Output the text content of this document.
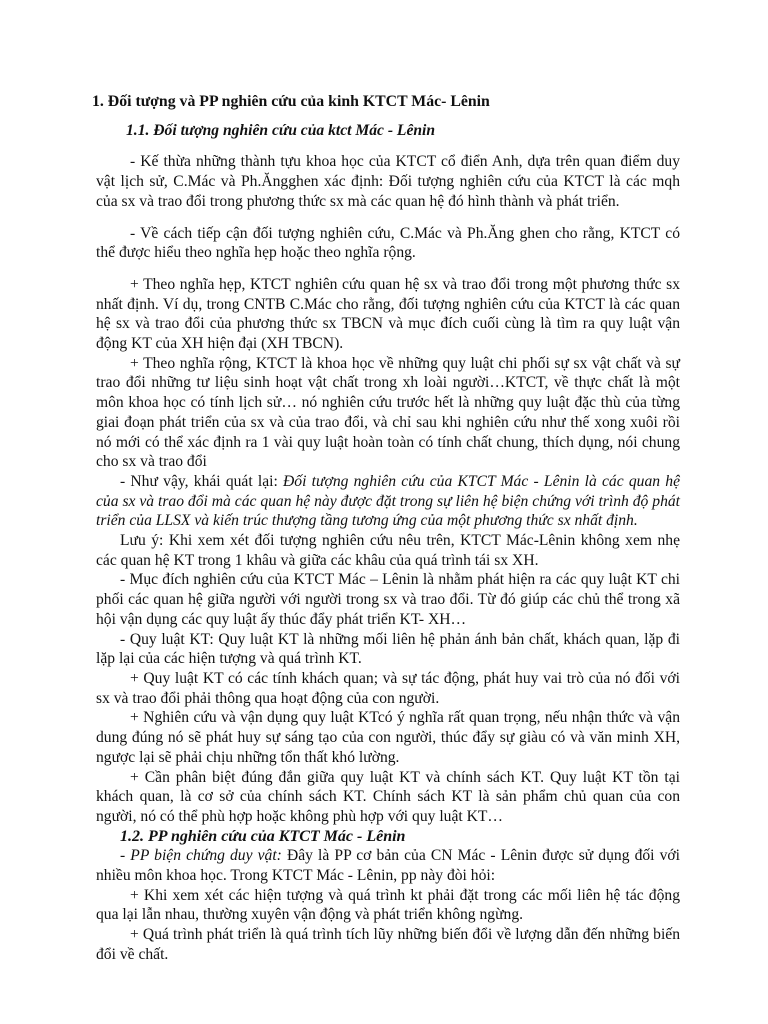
1. Đối tượng và PP nghiên cứu của kinh KTCT Mác- Lênin
1.1. Đối tượng nghiên cứu của ktct Mác - Lênin

- Kế thừa những thành tựu khoa học của KTCT cổ điển Anh, dựa trên quan điểm duy vật lịch sử, C.Mác và Ph.Ăngghen xác định: Đối tượng nghiên cứu của KTCT là các mqh của sx và trao đổi trong phương thức sx mà các quan hệ đó hình thành và phát triển.

- Về cách tiếp cận đối tượng nghiên cứu, C.Mác và Ph.Ăng ghen cho rằng, KTCT có thể được hiểu theo nghĩa hẹp hoặc theo nghĩa rộng.

+ Theo nghĩa hẹp, KTCT nghiên cứu quan hệ sx và trao đổi trong một phương thức sx nhất định. Ví dụ, trong CNTB C.Mác cho rằng, đối tượng nghiên cứu của KTCT là các quan hệ sx và trao đổi của phương thức sx TBCN và mục đích cuối cùng là tìm ra quy luật vận động KT của XH hiện đại (XH TBCN).

+ Theo nghĩa rộng, KTCT là khoa học về những quy luật chi phối sự sx vật chất và sự trao đổi những tư liệu sinh hoạt vật chất trong xh loài người…KTCT, về thực chất là một môn khoa học có tính lịch sử… nó nghiên cứu trước hết là những quy luật đặc thù của từng giai đoạn phát triển của sx và của trao đổi, và chỉ sau khi nghiên cứu như thế xong xuôi rồi nó mới có thể xác định ra 1 vài quy luật hoàn toàn có tính chất chung, thích dụng, nói chung cho sx và trao đổi

- Như vậy, khái quát lại: Đối tượng nghiên cứu của KTCT Mác - Lênin là các quan hệ của sx và trao đổi mà các quan hệ này được đặt trong sự liên hệ biện chứng với trình độ phát triển của LLSX và kiến trúc thượng tầng tương ứng của một phương thức sx nhất định.

Lưu ý: Khi xem xét đối tượng nghiên cứu nêu trên, KTCT Mác-Lênin không xem nhẹ các quan hệ KT trong 1 khâu và giữa các khâu của quá trình tái sx XH.

- Mục đích nghiên cứu của KTCT Mác – Lênin là nhằm phát hiện ra các quy luật KT chi phối các quan hệ giữa người với người trong sx và trao đổi. Từ đó giúp các chủ thể trong xã hội vận dụng các quy luật ấy thúc đẩy phát triển KT- XH…

- Quy luật KT: Quy luật KT là những mối liên hệ phản ánh bản chất, khách quan, lặp đi lặp lại của các hiện tượng và quá trình KT.

+ Quy luật KT có các tính khách quan; và sự tác động, phát huy vai trò của nó đối với sx và trao đổi phải thông qua hoạt động của con người.

+ Nghiên cứu và vận dụng quy luật KTcó ý nghĩa rất quan trọng, nếu nhận thức và vận dung đúng nó sẽ phát huy sự sáng tạo của con người, thúc đẩy sự giàu có và văn minh XH, ngược lại sẽ phải chịu những tổn thất khó lường.

+ Cần phân biệt đúng đắn giữa quy luật KT và chính sách KT. Quy luật KT tồn tại khách quan, là cơ sở của chính sách KT. Chính sách KT là sản phẩm chủ quan của con người, nó có thể phù hợp hoặc không phù hợp với quy luật KT…

1.2. PP nghiên cứu của KTCT Mác - Lênin

- PP biện chứng duy vật: Đây là PP cơ bản của CN Mác - Lênin được sử dụng đối với nhiều môn khoa học. Trong KTCT Mác - Lênin, pp này đòi hỏi:

+ Khi xem xét các hiện tượng và quá trình kt phải đặt trong các mối liên hệ tác động qua lại lẫn nhau, thường xuyên vận động và phát triển không ngừng.

+ Quá trình phát triển là quá trình tích lũy những biến đổi về lượng dẫn đến những biến đổi về chất.
